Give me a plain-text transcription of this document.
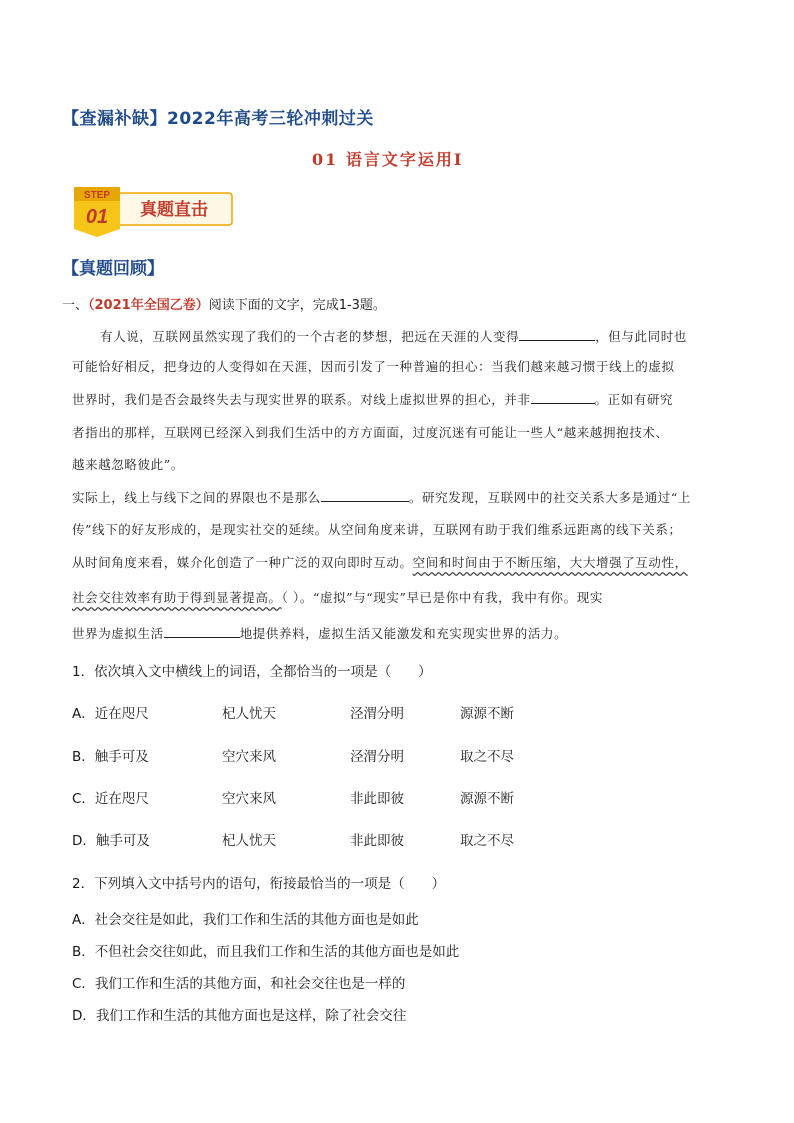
【查漏补缺】2022年高考三轮冲刺过关
01 语言文字运用Ⅰ
STEP
01 真题直击
【真题回顾】
一、（2021年全国乙卷）阅读下面的文字，完成1-3题。
有人说，互联网虽然实现了我们的一个古老的梦想，把远在天涯的人变得	，但与此同时也
可能恰好相反，把身边的人变得如在天涯，因而引发了一种普遍的担心：当我们越来越习惯于线上的虚拟
世界时，我们是否会最终失去与现实世界的联系。对线上虚拟世界的担心，并非	。正如有研究
者指出的那样，互联网已经深入到我们生活中的方方面面，过度沉迷有可能让一些人“越来越拥抱技术、
越来越忽略彼此”。
实际上，线上与线下之间的界限也不是那么	。研究发现，互联网中的社交关系大多是通过“上
传”线下的好友形成的，是现实社交的延续。从空间角度来讲，互联网有助于我们维系远距离的线下关系；
从时间角度来看，媒介化创造了一种广泛的双向即时互动。空间和时间由于不断压缩，大大增强了互动性，
社会交往效率有助于得到显著提高。（ ）。“虚拟”与“现实”早已是你中有我，我中有你。现实
世界为虚拟生活	地提供养料，虚拟生活又能激发和充实现实世界的活力。
1．依次填入文中横线上的词语，全都恰当的一项是（　　）
A．近在咫尺	杞人忧天	泾渭分明	源源不断
B．触手可及	空穴来风	泾渭分明	取之不尽
C．近在咫尺	空穴来风	非此即彼	源源不断
D．触手可及	杞人忧天	非此即彼	取之不尽
2．下列填入文中括号内的语句，衔接最恰当的一项是（　　）
A．社会交往是如此，我们工作和生活的其他方面也是如此
B．不但社会交往如此，而且我们工作和生活的其他方面也是如此
C．我们工作和生活的其他方面，和社会交往也是一样的
D．我们工作和生活的其他方面也是这样，除了社会交往
